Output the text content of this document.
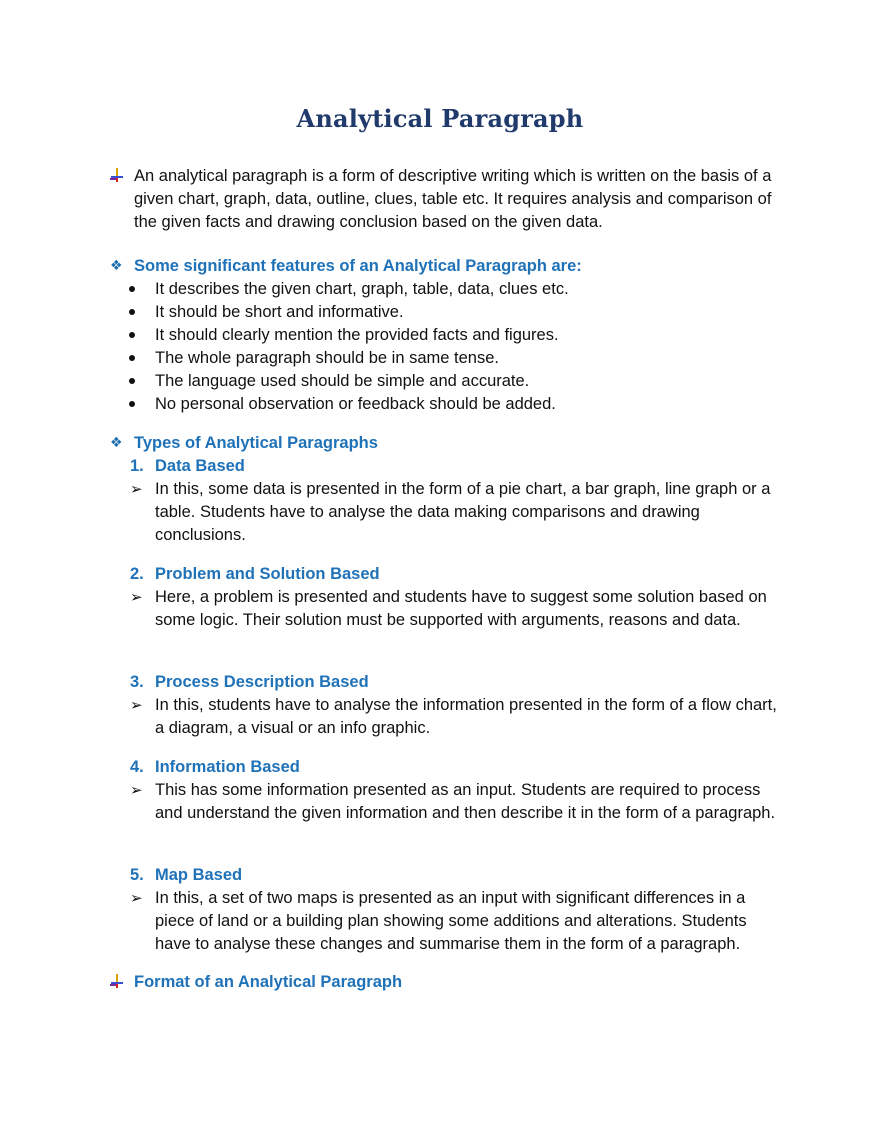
Analytical Paragraph
An analytical paragraph is a form of descriptive writing which is written on the basis of a given chart, graph, data, outline, clues, table etc. It requires analysis and comparison of the given facts and drawing conclusion based on the given data.
❖ Some significant features of an Analytical Paragraph are:
It describes the given chart, graph, table, data, clues etc.
It should be short and informative.
It should clearly mention the provided facts and figures.
The whole paragraph should be in same tense.
The language used should be simple and accurate.
No personal observation or feedback should be added.
❖ Types of Analytical Paragraphs
1. Data Based
➢ In this, some data is presented in the form of a pie chart, a bar graph, line graph or a table. Students have to analyse the data making comparisons and drawing conclusions.
2. Problem and Solution Based
➢ Here, a problem is presented and students have to suggest some solution based on some logic. Their solution must be supported with arguments, reasons and data.
3. Process Description Based
➢ In this, students have to analyse the information presented in the form of a flow chart, a diagram, a visual or an info graphic.
4. Information Based
➢ This has some information presented as an input. Students are required to process and understand the given information and then describe it in the form of a paragraph.
5. Map Based
➢ In this, a set of two maps is presented as an input with significant differences in a piece of land or a building plan showing some additions and alterations. Students have to analyse these changes and summarise them in the form of a paragraph.
Format of an Analytical Paragraph
